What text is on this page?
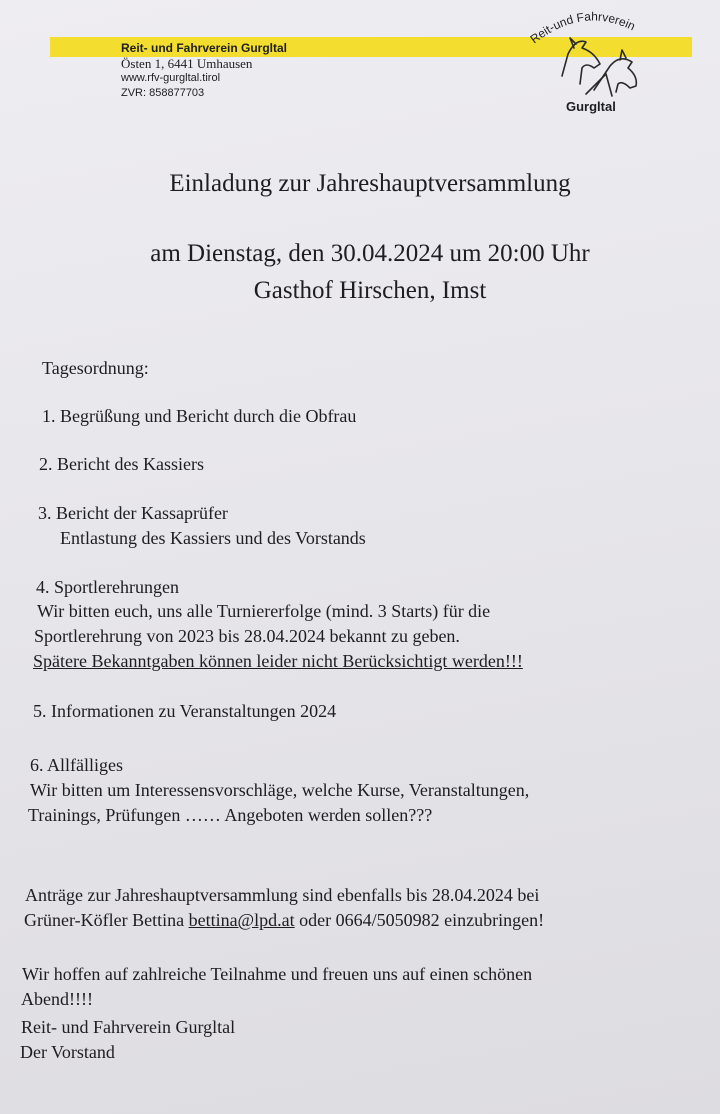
Reit- und Fahrverein Gurgltal
Östen 1, 6441 Umhausen
www.rfv-gurgltal.tirol
ZVR: 858877703
Reit-und Fahrverein
Gurgltal
Einladung zur Jahreshauptversammlung
am Dienstag, den 30.04.2024 um 20:00 Uhr
Gasthof Hirschen, Imst
Tagesordnung:
1. Begrüßung und Bericht durch die Obfrau
2. Bericht des Kassiers
3. Bericht der Kassaprüfer
Entlastung des Kassiers und des Vorstands
4. Sportlerehrungen
Wir bitten euch, uns alle Turniererfolge (mind. 3 Starts) für die
Sportlerehrung von 2023 bis 28.04.2024 bekannt zu geben.
Spätere Bekanntgaben können leider nicht Berücksichtigt werden!!!
5. Informationen zu Veranstaltungen 2024
6. Allfälliges
Wir bitten um Interessensvorschläge, welche Kurse, Veranstaltungen,
Trainings, Prüfungen …… Angeboten werden sollen???
Anträge zur Jahreshauptversammlung sind ebenfalls bis 28.04.2024 bei
Grüner-Köfler Bettina bettina@lpd.at oder 0664/5050982 einzubringen!
Wir hoffen auf zahlreiche Teilnahme und freuen uns auf einen schönen
Abend!!!!
Reit- und Fahrverein Gurgltal
Der Vorstand
